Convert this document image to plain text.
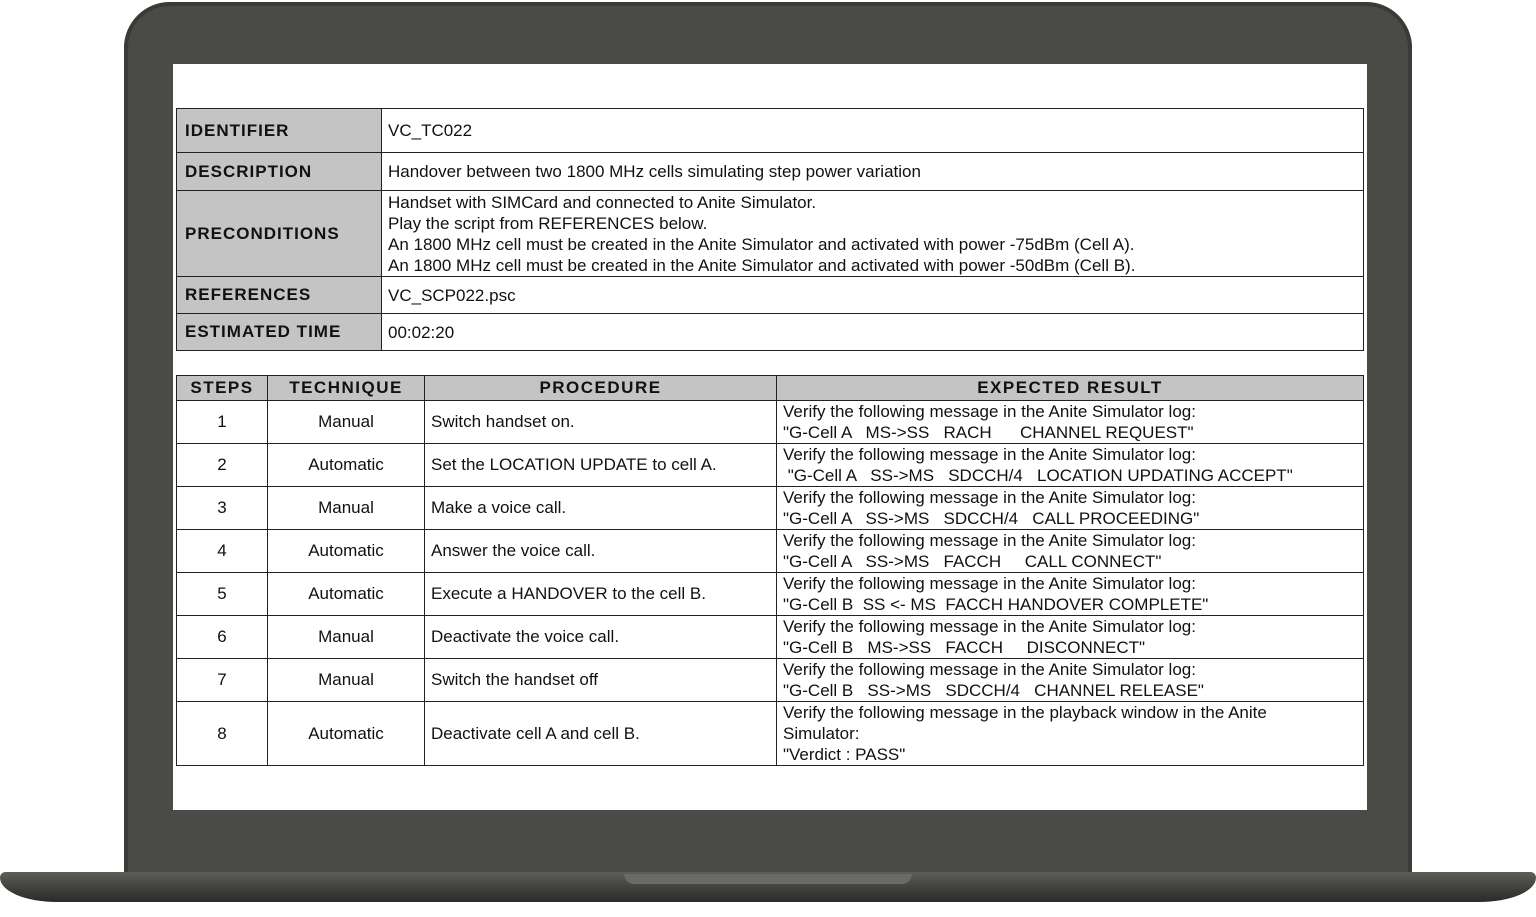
IDENTIFIER	VC_TC022
DESCRIPTION	Handover between two 1800 MHz cells simulating step power variation
PRECONDITIONS	Handset with SIMCard and connected to Anite Simulator.
Play the script from REFERENCES below.
An 1800 MHz cell must be created in the Anite Simulator and activated with power -75dBm (Cell A).
An 1800 MHz cell must be created in the Anite Simulator and activated with power -50dBm (Cell B).

REFERENCES	VC_SCP022.psc
ESTIMATED TIME	00:02:20
STEPS	TECHNIQUE	PROCEDURE	EXPECTED RESULT
1	Manual	Switch handset on.	Verify the following message in the Anite Simulator log:
"G-Cell A   MS->SS   RACH      CHANNEL REQUEST"

2	Automatic	Set the LOCATION UPDATE to cell A.	Verify the following message in the Anite Simulator log:
"G-Cell A   SS->MS   SDCCH/4   LOCATION UPDATING ACCEPT"

3	Manual	Make a voice call.	Verify the following message in the Anite Simulator log:
"G-Cell A   SS->MS   SDCCH/4   CALL PROCEEDING"

4	Automatic	Answer the voice call.	Verify the following message in the Anite Simulator log:
"G-Cell A   SS->MS   FACCH     CALL CONNECT"

5	Automatic	Execute a HANDOVER to the cell B.	Verify the following message in the Anite Simulator log:
"G-Cell B  SS <- MS  FACCH HANDOVER COMPLETE"

6	Manual	Deactivate the voice call.	Verify the following message in the Anite Simulator log:
"G-Cell B   MS->SS   FACCH     DISCONNECT"

7	Manual	Switch the handset off	Verify the following message in the Anite Simulator log:
"G-Cell B   SS->MS   SDCCH/4   CHANNEL RELEASE"

8	Automatic	Deactivate cell A and cell B.	Verify the following message in the playback window in the Anite
Simulator:
"Verdict : PASS"
